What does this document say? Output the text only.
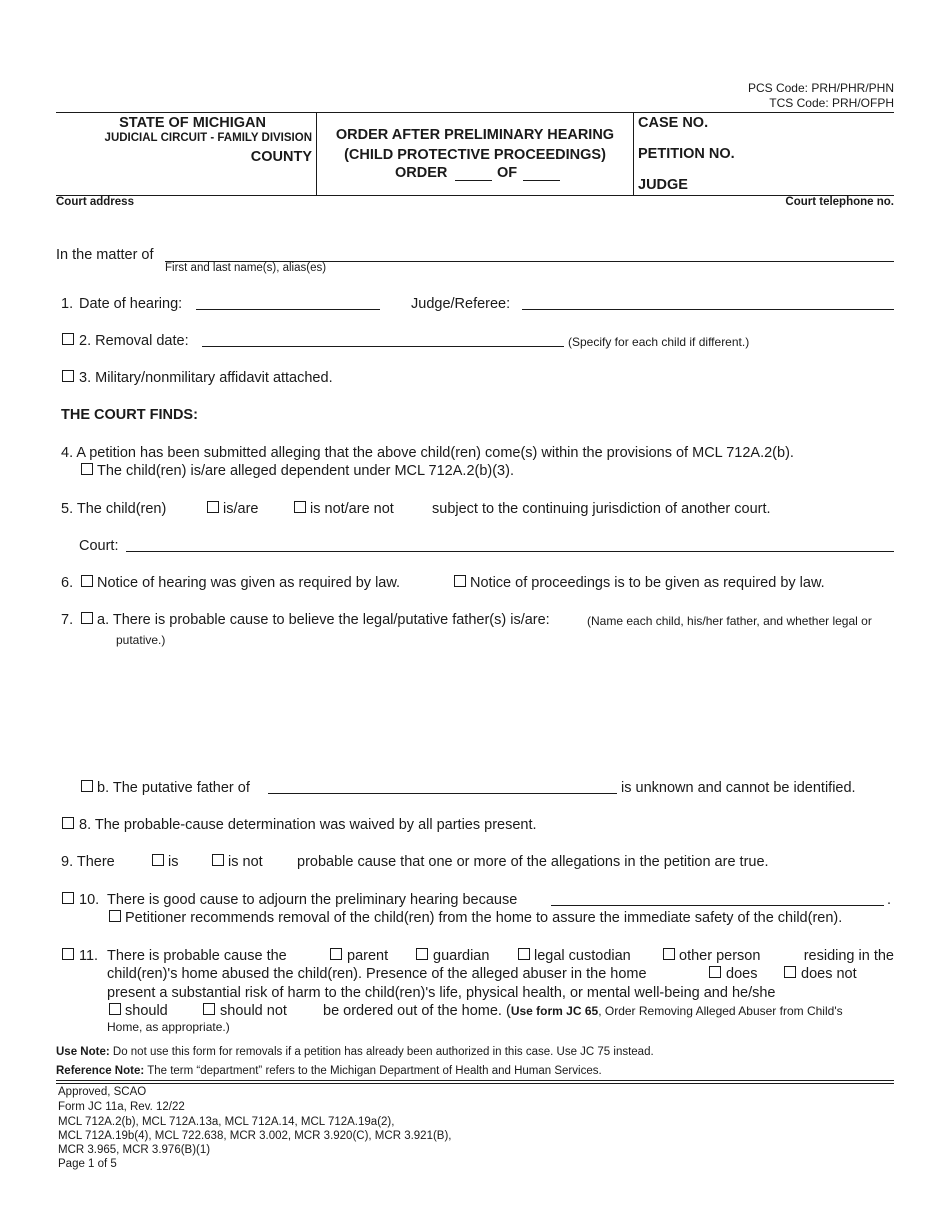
PCS Code: PRH/PHR/PHN
TCS Code: PRH/OFPH
STATE OF MICHIGAN
JUDICIAL CIRCUIT - FAMILY DIVISION
COUNTY
ORDER AFTER PRELIMINARY HEARING
(CHILD PROTECTIVE PROCEEDINGS)
ORDER	OF
CASE NO.
PETITION NO.
JUDGE
Court address	Court telephone no.
In the matter of
First and last name(s), alias(es)
1. Date of hearing:	Judge/Referee:
2. Removal date:	(Specify for each child if different.)
3. Military/nonmilitary affidavit attached.
THE COURT FINDS:
4. A petition has been submitted alleging that the above child(ren) come(s) within the provisions of MCL 712A.2(b).
The child(ren) is/are alleged dependent under MCL 712A.2(b)(3).
5. The child(ren)	is/are	is not/are not	subject to the continuing jurisdiction of another court.
Court:
6. Notice of hearing was given as required by law.	Notice of proceedings is to be given as required by law.
7. a. There is probable cause to believe the legal/putative father(s) is/are:	(Name each child, his/her father, and whether legal or
putative.)
b. The putative father of	is unknown and cannot be identified.
8. The probable-cause determination was waived by all parties present.
9. There	is	is not probable cause that one or more of the allegations in the petition are true.
10. There is good cause to adjourn the preliminary hearing because	.
Petitioner recommends removal of the child(ren) from the home to assure the immediate safety of the child(ren).
11. There is probable cause the	parent	guardian	legal custodian	other person	residing in the
child(ren)'s home abused the child(ren). Presence of the alleged abuser in the home	does	does not
present a substantial risk of harm to the child(ren)'s life, physical health, or mental well-being and he/she
should	should not be ordered out of the home. (Use form JC 65, Order Removing Alleged Abuser from Child's
Home, as appropriate.)
Use Note: Do not use this form for removals if a petition has already been authorized in this case. Use JC 75 instead.
Reference Note: The term “department” refers to the Michigan Department of Health and Human Services.
Approved, SCAO
Form JC 11a, Rev. 12/22
MCL 712A.2(b), MCL 712A.13a, MCL 712A.14, MCL 712A.19a(2),
MCL 712A.19b(4), MCL 722.638, MCR 3.002, MCR 3.920(C), MCR 3.921(B),
MCR 3.965, MCR 3.976(B)(1)
Page 1 of 5
